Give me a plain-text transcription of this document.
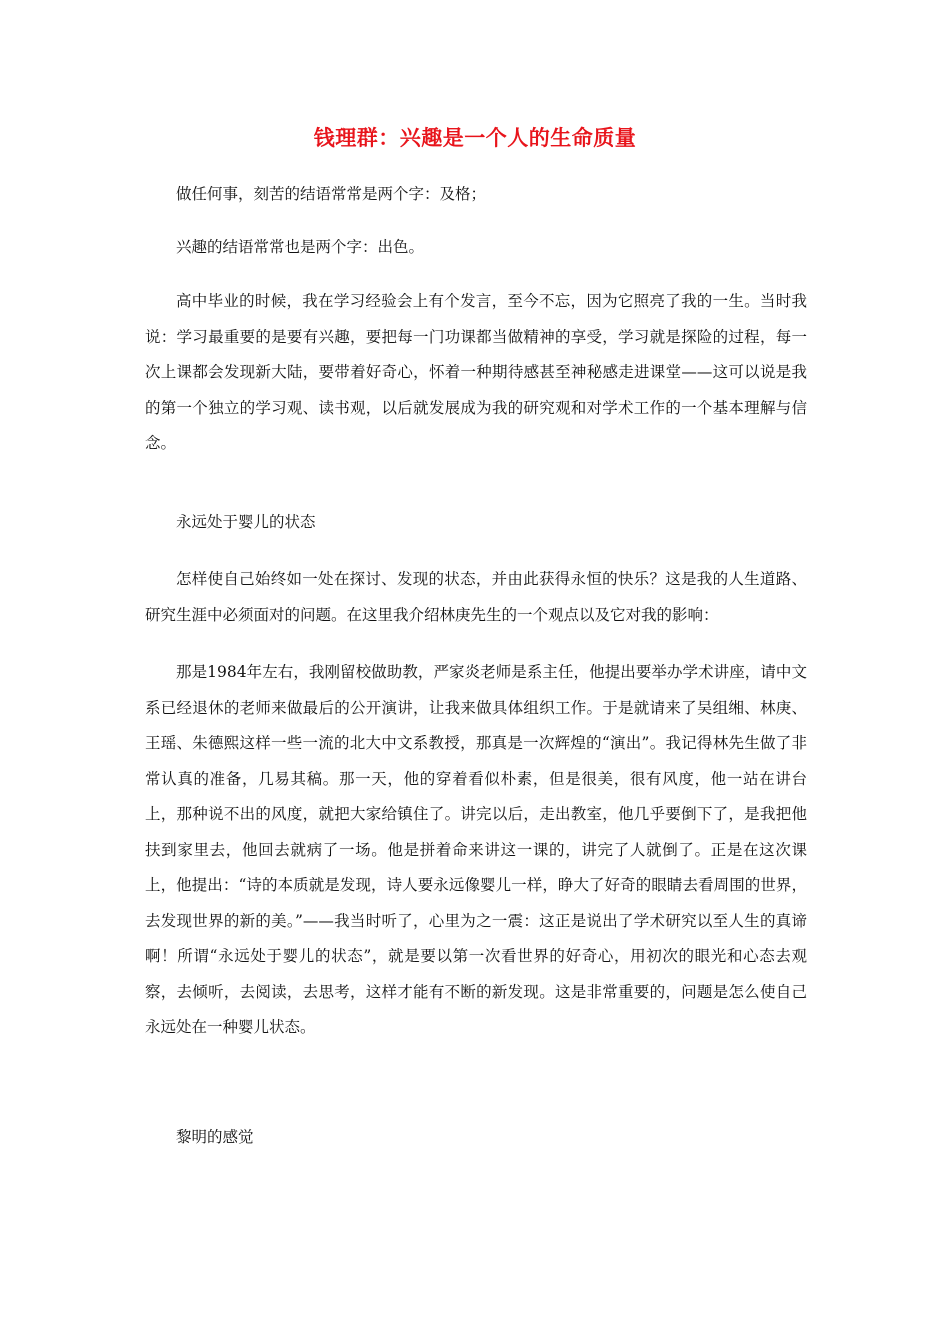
钱理群：兴趣是一个人的生命质量

做任何事，刻苦的结语常常是两个字：及格；

兴趣的结语常常也是两个字：出色。

高中毕业的时候，我在学习经验会上有个发言，至今不忘，因为它照亮了我的一生。当时我说：学习最重要的是要有兴趣，要把每一门功课都当做精神的享受，学习就是探险的过程，每一次上课都会发现新大陆，要带着好奇心，怀着一种期待感甚至神秘感走进课堂——这可以说是我的第一个独立的学习观、读书观，以后就发展成为我的研究观和对学术工作的一个基本理解与信念。

永远处于婴儿的状态

怎样使自己始终如一处在探讨、发现的状态，并由此获得永恒的快乐？这是我的人生道路、研究生涯中必须面对的问题。在这里我介绍林庚先生的一个观点以及它对我的影响：

那是1984年左右，我刚留校做助教，严家炎老师是系主任，他提出要举办学术讲座，请中文系已经退休的老师来做最后的公开演讲，让我来做具体组织工作。于是就请来了吴组缃、林庚、王瑶、朱德熙这样一些一流的北大中文系教授，那真是一次辉煌的“演出”。我记得林先生做了非常认真的准备，几易其稿。那一天，他的穿着看似朴素，但是很美，很有风度，他一站在讲台上，那种说不出的风度，就把大家给镇住了。讲完以后，走出教室，他几乎要倒下了，是我把他扶到家里去，他回去就病了一场。他是拼着命来讲这一课的，讲完了人就倒了。正是在这次课上，他提出：“诗的本质就是发现，诗人要永远像婴儿一样，睁大了好奇的眼睛去看周围的世界，去发现世界的新的美。”——我当时听了，心里为之一震：这正是说出了学术研究以至人生的真谛啊！所谓“永远处于婴儿的状态”，就是要以第一次看世界的好奇心，用初次的眼光和心态去观察，去倾听，去阅读，去思考，这样才能有不断的新发现。这是非常重要的，问题是怎么使自己永远处在一种婴儿状态。

黎明的感觉
